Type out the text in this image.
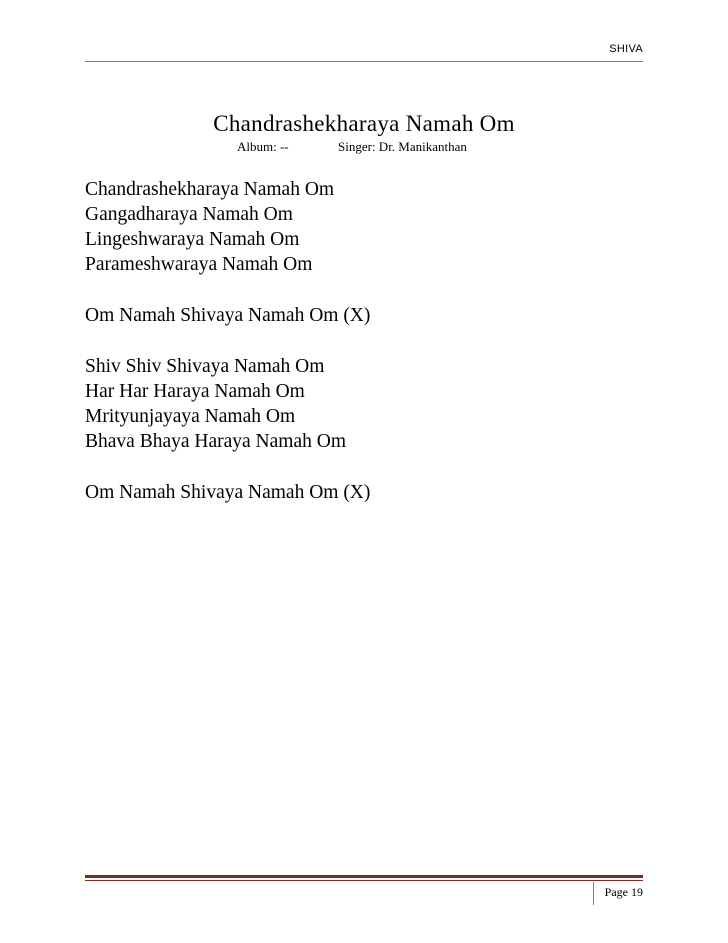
SHIVA
Chandrashekharaya Namah Om
Album: --	Singer: Dr. Manikanthan
Chandrashekharaya Namah Om
Gangadharaya Namah Om
Lingeshwaraya Namah Om
Parameshwaraya Namah Om
Om Namah Shivaya Namah Om (X)
Shiv Shiv Shivaya Namah Om
Har Har Haraya Namah Om
Mrityunjayaya Namah Om
Bhava Bhaya Haraya Namah Om
Om Namah Shivaya Namah Om (X)
Page 19
